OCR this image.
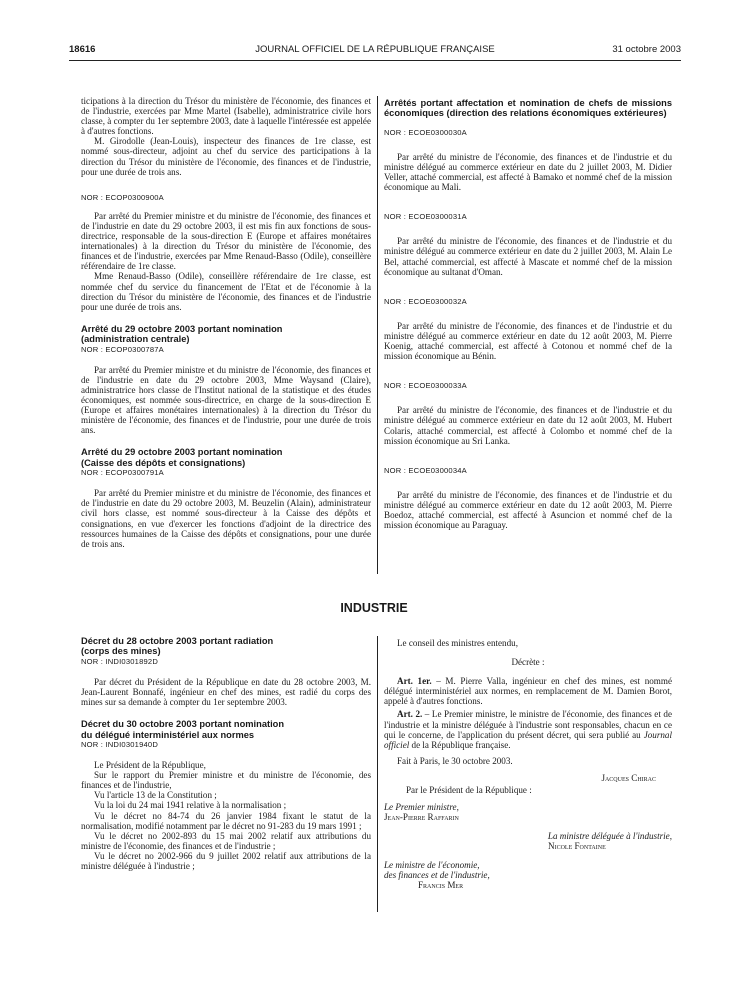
18616	JOURNAL OFFICIEL DE LA RÉPUBLIQUE FRANÇAISE	31 octobre 2003

ticipations à la direction du Trésor du ministère de l'économie, des finances et de l'industrie, exercées par Mme Martel (Isabelle), administratrice civile hors classe, à compter du 1er septembre 2003, date à laquelle l'intéressée est appelée à d'autres fonctions.

M. Girodolle (Jean-Louis), inspecteur des finances de 1re classe, est nommé sous-directeur, adjoint au chef du service des participations à la direction du Trésor du ministère de l'économie, des finances et de l'industrie, pour une durée de trois ans.

NOR : ECOP0300900A

Par arrêté du Premier ministre et du ministre de l'économie, des finances et de l'industrie en date du 29 octobre 2003, il est mis fin aux fonctions de sous-directrice, responsable de la sous-direction E (Europe et affaires monétaires internationales) à la direction du Trésor du ministère de l'économie, des finances et de l'industrie, exercées par Mme Renaud-Basso (Odile), conseillère référendaire de 1re classe.

Mme Renaud-Basso (Odile), conseillère référendaire de 1re classe, est nommée chef du service du financement de l'Etat et de l'économie à la direction du Trésor du ministère de l'économie, des finances et de l'industrie pour une durée de trois ans.

Arrêté du 29 octobre 2003 portant nomination

(administration centrale)

NOR : ECOP0300787A

Par arrêté du Premier ministre et du ministre de l'économie, des finances et de l'industrie en date du 29 octobre 2003, Mme Waysand (Claire), administratrice hors classe de l'Institut national de la statistique et des études économiques, est nommée sous-directrice, en charge de la sous-direction E (Europe et affaires monétaires internationales) à la direction du Trésor du ministère de l'économie, des finances et de l'industrie, pour une durée de trois ans.

Arrêté du 29 octobre 2003 portant nomination

(Caisse des dépôts et consignations)

NOR : ECOP0300791A

Par arrêté du Premier ministre et du ministre de l'économie, des finances et de l'industrie en date du 29 octobre 2003, M. Beuzelin (Alain), administrateur civil hors classe, est nommé sous-directeur à la Caisse des dépôts et consignations, en vue d'exercer les fonctions d'adjoint de la directrice des ressources humaines de la Caisse des dépôts et consignations, pour une durée de trois ans.

Arrêtés portant affectation et nomination de chefs de missions économiques (direction des relations économiques extérieures)

NOR : ECOE0300030A

Par arrêté du ministre de l'économie, des finances et de l'industrie et du ministre délégué au commerce extérieur en date du 2 juillet 2003, M. Didier Veller, attaché commercial, est affecté à Bamako et nommé chef de la mission économique au Mali.

NOR : ECOE0300031A

Par arrêté du ministre de l'économie, des finances et de l'industrie et du ministre délégué au commerce extérieur en date du 2 juillet 2003, M. Alain Le Bel, attaché commercial, est affecté à Mascate et nommé chef de la mission économique au sultanat d'Oman.

NOR : ECOE0300032A

Par arrêté du ministre de l'économie, des finances et de l'industrie et du ministre délégué au commerce extérieur en date du 12 août 2003, M. Pierre Koenig, attaché commercial, est affecté à Cotonou et nommé chef de la mission économique au Bénin.

NOR : ECOE0300033A

Par arrêté du ministre de l'économie, des finances et de l'industrie et du ministre délégué au commerce extérieur en date du 12 août 2003, M. Hubert Colaris, attaché commercial, est affecté à Colombo et nommé chef de la mission économique au Sri Lanka.

NOR : ECOE0300034A

Par arrêté du ministre de l'économie, des finances et de l'industrie et du ministre délégué au commerce extérieur en date du 12 août 2003, M. Pierre Boedoz, attaché commercial, est affecté à Asuncion et nommé chef de la mission économique au Paraguay.

INDUSTRIE

Décret du 28 octobre 2003 portant radiation

(corps des mines)

NOR : INDI0301892D

Par décret du Président de la République en date du 28 octobre 2003, M. Jean-Laurent Bonnafé, ingénieur en chef des mines, est radié du corps des mines sur sa demande à compter du 1er septembre 2003.

Décret du 30 octobre 2003 portant nomination

du délégué interministériel aux normes

NOR : INDI0301940D

Le Président de la République,

Sur le rapport du Premier ministre et du ministre de l'économie, des finances et de l'industrie,

Vu l'article 13 de la Constitution ;

Vu la loi du 24 mai 1941 relative à la normalisation ;

Vu le décret no 84-74 du 26 janvier 1984 fixant le statut de la normalisation, modifié notamment par le décret no 91-283 du 19 mars 1991 ;

Vu le décret no 2002-893 du 15 mai 2002 relatif aux attributions du ministre de l'économie, des finances et de l'industrie ;

Vu le décret no 2002-966 du 9 juillet 2002 relatif aux attributions de la ministre déléguée à l'industrie ;

Le conseil des ministres entendu,

Décrète :

Art. 1er. – M. Pierre Valla, ingénieur en chef des mines, est nommé délégué interministériel aux normes, en remplacement de M. Damien Borot, appelé à d'autres fonctions.

Art. 2. – Le Premier ministre, le ministre de l'économie, des finances et de l'industrie et la ministre déléguée à l'industrie sont responsables, chacun en ce qui le concerne, de l'application du présent décret, qui sera publié au Journal officiel de la République française.

Fait à Paris, le 30 octobre 2003.

Jacques Chirac

Par le Président de la République :

Le Premier ministre,

Jean-Pierre Raffarin

La ministre déléguée à l'industrie,

Nicole Fontaine

Le ministre de l'économie,

des finances et de l'industrie,

Francis Mer
